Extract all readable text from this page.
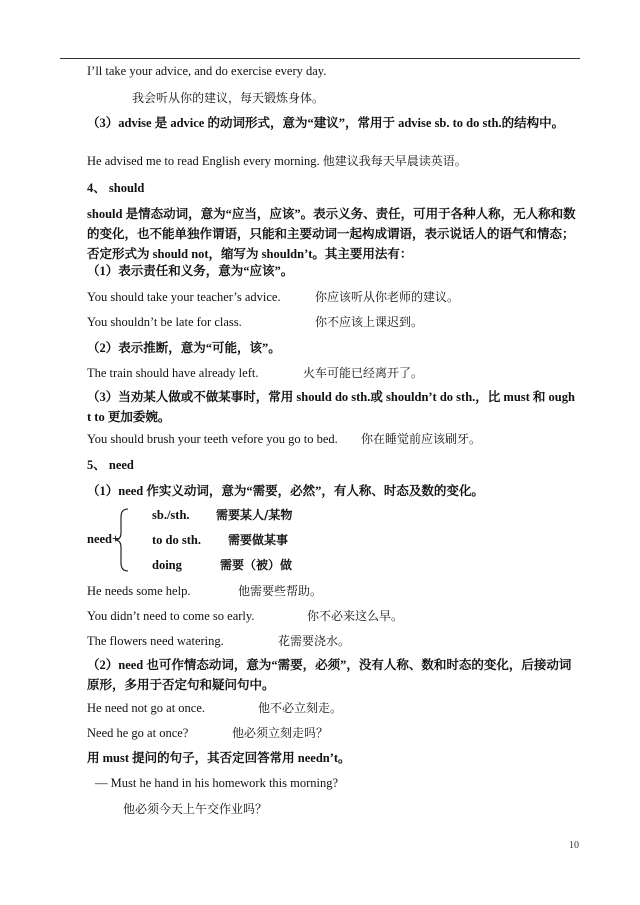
I’ll take your advice, and do exercise every day.
我会听从你的建议，每天锻炼身体。
（3）advise 是 advice 的动词形式，意为“建议”，常用于 advise sb. to do sth.的结构中。
He advised me to read English every morning. 他建议我每天早晨读英语。
4、 should
should 是情态动词，意为“应当，应该”。表示义务、责任，可用于各种人称，无人称和数的变化，也不能单独作谓语，只能和主要动词一起构成谓语，表示说话人的语气和情态；否定形式为 should not，缩写为 shouldn’t。其主要用法有：
（1）表示责任和义务，意为“应该”。
You should take your teacher’s advice.	你应该听从你老师的建议。
You shouldn’t be late for class.	你不应该上课迟到。
（2）表示推断，意为“可能，该”。
The train should have already left.	火车可能已经离开了。
（3）当劝某人做或不做某事时，常用 should do sth.或 shouldn’t do sth.，比 must 和 ought to 更加委婉。
You should brush your teeth vefore you go to bed. 你在睡觉前应该刷牙。
5、 need
（1）need 作实义动词，意为“需要，必然”，有人称、时态及数的变化。
need+
sb./sth. 需要某人/某物
to do sth. 需要做某事
doing	需要（被）做
He needs some help.	他需要些帮助。
You didn’t need to come so early.	你不必来这么早。
The flowers need watering.	花需要浇水。
（2）need 也可作情态动词，意为“需要，必须”，没有人称、数和时态的变化，后接动词原形，多用于否定句和疑问句中。
He need not go at once.	他不必立刻走。
Need he go at once?	他必须立刻走吗？
用 must 提问的句子，其否定回答常用 needn’t。
— Must he hand in his homework this morning?
他必须今天上午交作业吗？
10
